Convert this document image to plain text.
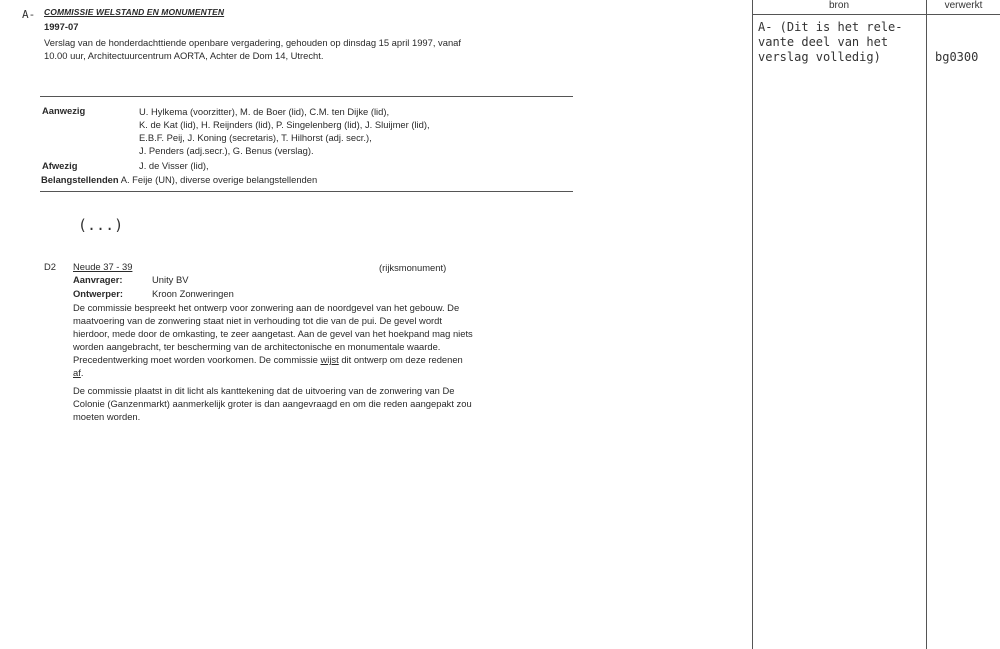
bron	verwerkt
A- (Dit is het rele-
vante deel van het
verslag volledig)	bg0300
A- COMMISSIE WELSTAND EN MONUMENTEN
1997-07
Verslag van de honderdachttiende openbare vergadering, gehouden op dinsdag 15 april 1997, vanaf
10.00 uur, Architectuurcentrum AORTA, Achter de Dom 14, Utrecht.
Aanwezig	U. Hylkema (voorzitter), M. de Boer (lid), C.M. ten Dijke (lid),
K. de Kat (lid), H. Reijnders (lid), P. Singelenberg (lid), J. Sluijmer (lid),
E.B.F. Peij, J. Koning (secretaris), T. Hilhorst (adj. secr.),
J. Penders (adj.secr.), G. Benus (verslag).
Afwezig	J. de Visser (lid),
Belangstellenden A. Feije (UN), diverse overige belangstellenden
(...)
D2 Neude 37 - 39	(rijksmonument)
Aanvrager:	Unity BV
Ontwerper:	Kroon Zonweringen
De commissie bespreekt het ontwerp voor zonwering aan de noordgevel van het gebouw. De
maatvoering van de zonwering staat niet in verhouding tot die van de pui. De gevel wordt
hierdoor, mede door de omkasting, te zeer aangetast. Aan de gevel van het hoekpand mag niets
worden aangebracht, ter bescherming van de architectonische en monumentale waarde.
Precedentwerking moet worden voorkomen. De commissie wijst dit ontwerp om deze redenen
af.
De commissie plaatst in dit licht als kanttekening dat de uitvoering van de zonwering van De
Colonie (Ganzenmarkt) aanmerkelijk groter is dan aangevraagd en om die reden aangepakt zou
moeten worden.
